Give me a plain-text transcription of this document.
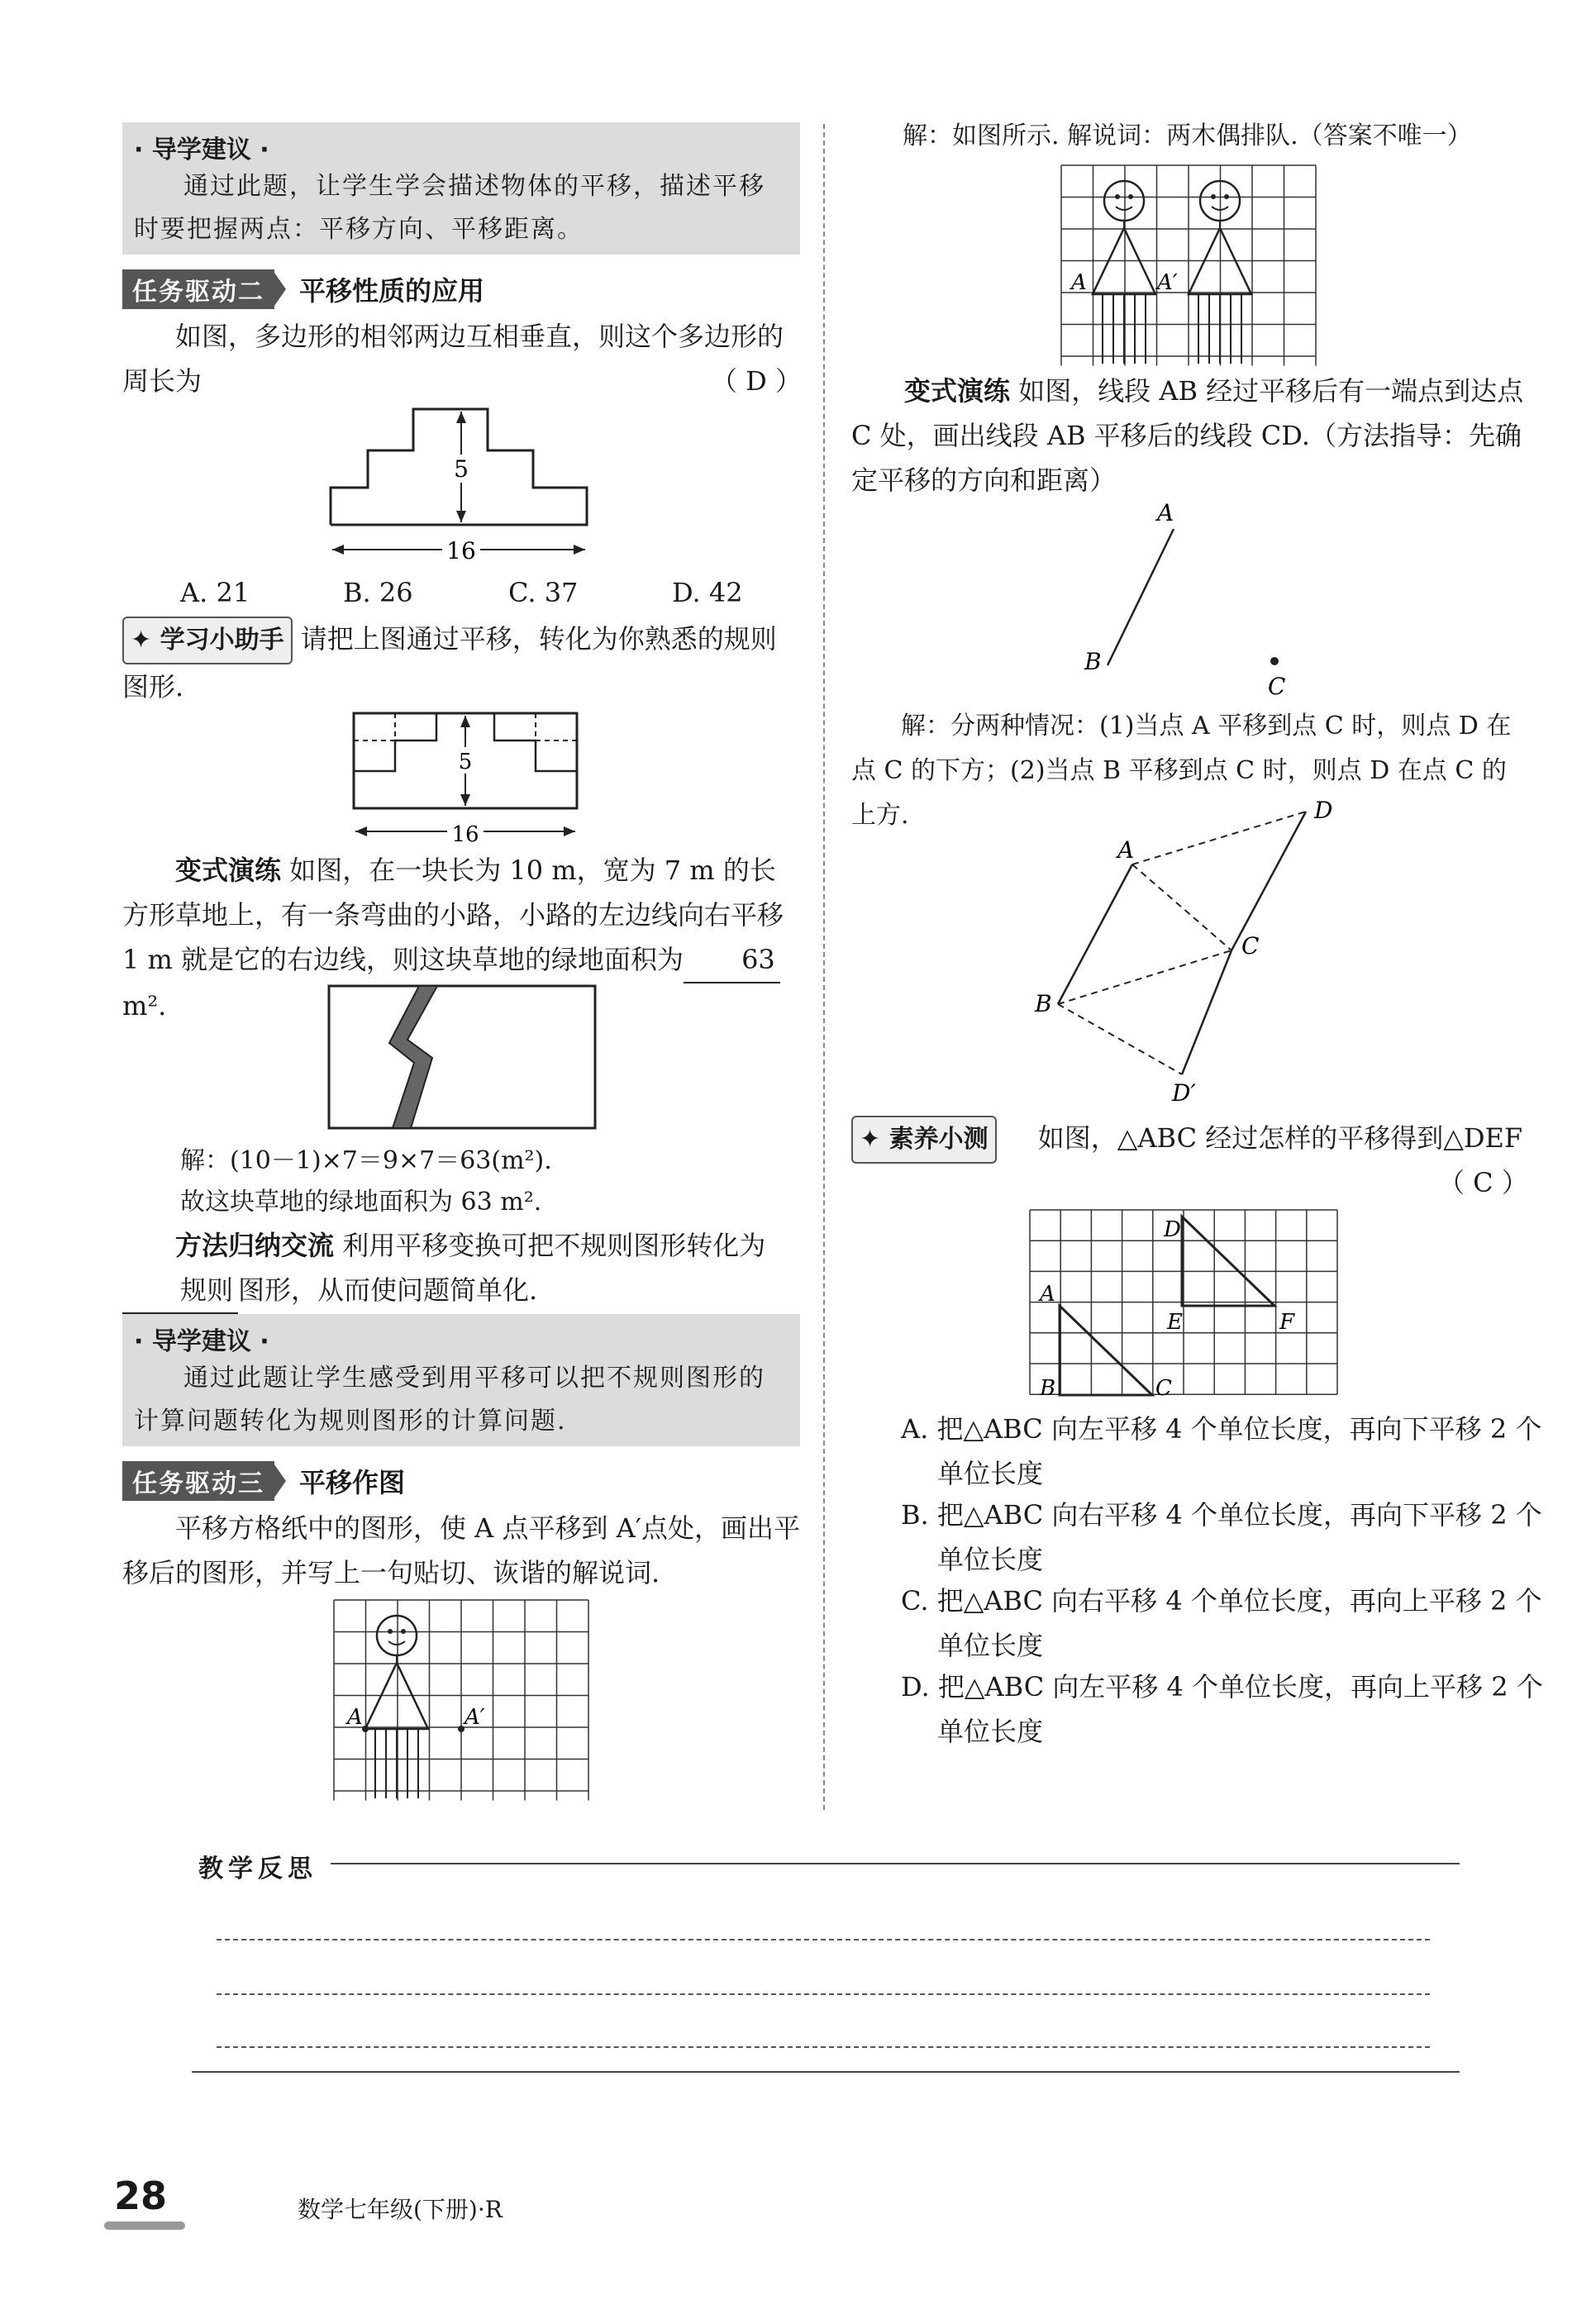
· 导学建议 ·
通过此题，让学生学会描述物体的平移，描述平移时要把握两点：平移方向、平移距离。
任务驱动二	平移性质的应用
如图，多边形的相邻两边互相垂直，则这个多边形的周长为	（ D ）
5
16
A. 21	B. 26	C. 37	D. 42
✦ 学习小助手 请把上图通过平移，转化为你熟悉的规则图形.
5
16
变式演练 如图，在一块长为 10 m，宽为 7 m 的长方形草地上，有一条弯曲的小路，小路的左边线向右平移1 m 就是它的右边线，则这块草地的绿地面积为 63 m².
解：(10－1)×7＝9×7＝63(m²).
故这块草地的绿地面积为 63 m².
方法归纳交流 利用平移变换可把不规则图形转化为规则 图形，从而使问题简单化.
· 导学建议 ·
通过此题让学生感受到用平移可以把不规则图形的计算问题转化为规则图形的计算问题.
任务驱动三	平移作图
平移方格纸中的图形，使 A 点平移到 A′点处，画出平移后的图形，并写上一句贴切、诙谐的解说词.
A	A′
解：如图所示. 解说词：两木偶排队.（答案不唯一）
A	A′
变式演练 如图，线段 AB 经过平移后有一端点到达点C 处，画出线段 AB 平移后的线段 CD.（方法指导：先确定平移的方向和距离）
A
B
C
解：分两种情况：(1)当点 A 平移到点 C 时，则点 D 在点 C 的下方；(2)当点 B 平移到点 C 时，则点 D 在点 C 的上方.
A
B
C
D
D′
✦ 素养小测 如图，△ABC 经过怎样的平移得到△DEF
（ C ）
A
B	C
D
E	F
A. 把△ABC 向左平移 4 个单位长度，再向下平移 2 个单位长度
B. 把△ABC 向右平移 4 个单位长度，再向下平移 2 个单位长度
C. 把△ABC 向右平移 4 个单位长度，再向上平移 2 个单位长度
D. 把△ABC 向左平移 4 个单位长度，再向上平移 2 个单位长度
教学反思
28	数学七年级(下册)·R
